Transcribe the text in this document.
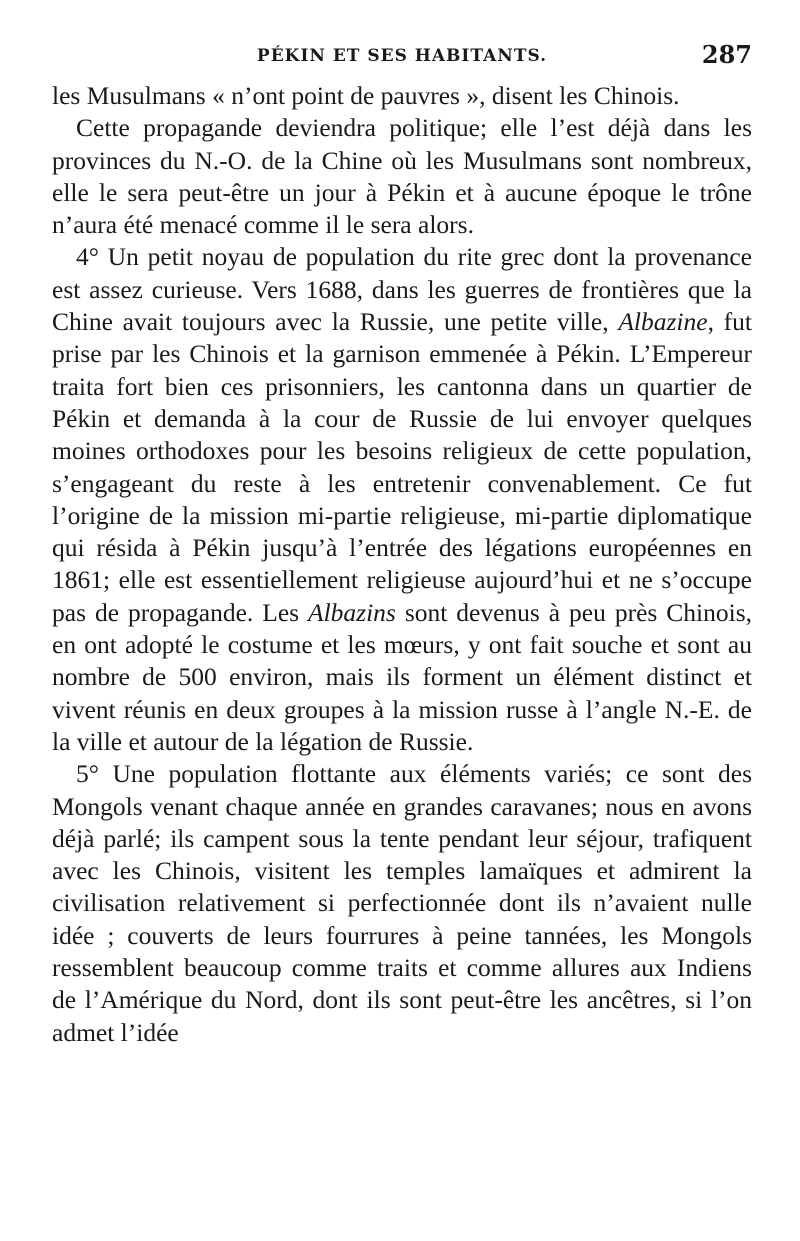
PÉKIN ET SES HABITANTS.	287

les Musulmans « n’ont point de pauvres », disent les Chinois.

Cette propagande deviendra politique; elle l’est déjà dans les provinces du N.-O. de la Chine où les Musulmans sont nombreux, elle le sera peut-être un jour à Pékin et à aucune époque le trône n’aura été menacé comme il le sera alors.

4° Un petit noyau de population du rite grec dont la provenance est assez curieuse. Vers 1688, dans les guerres de frontières que la Chine avait toujours avec la Russie, une petite ville, Albazine, fut prise par les Chinois et la garnison emmenée à Pékin. L’Empereur traita fort bien ces prisonniers, les cantonna dans un quartier de Pékin et demanda à la cour de Russie de lui envoyer quelques moines orthodoxes pour les besoins religieux de cette population, s’engageant du reste à les entretenir convenablement. Ce fut l’origine de la mission mi-partie religieuse, mi-partie diplomatique qui résida à Pékin jusqu’à l’entrée des légations européennes en 1861; elle est essentiellement religieuse aujourd’hui et ne s’occupe pas de propagande. Les Albazins sont devenus à peu près Chinois, en ont adopté le costume et les mœurs, y ont fait souche et sont au nombre de 500 environ, mais ils forment un élément distinct et vivent réunis en deux groupes à la mission russe à l’angle N.-E. de la ville et autour de la légation de Russie.

5° Une population flottante aux éléments variés; ce sont des Mongols venant chaque année en grandes caravanes; nous en avons déjà parlé; ils campent sous la tente pendant leur séjour, trafiquent avec les Chinois, visitent les temples lamaïques et admirent la civilisation relativement si perfectionnée dont ils n’avaient nulle idée ; couverts de leurs fourrures à peine tannées, les Mongols ressemblent beaucoup comme traits et comme allures aux Indiens de l’Amérique du Nord, dont ils sont peut-être les ancêtres, si l’on admet l’idée
